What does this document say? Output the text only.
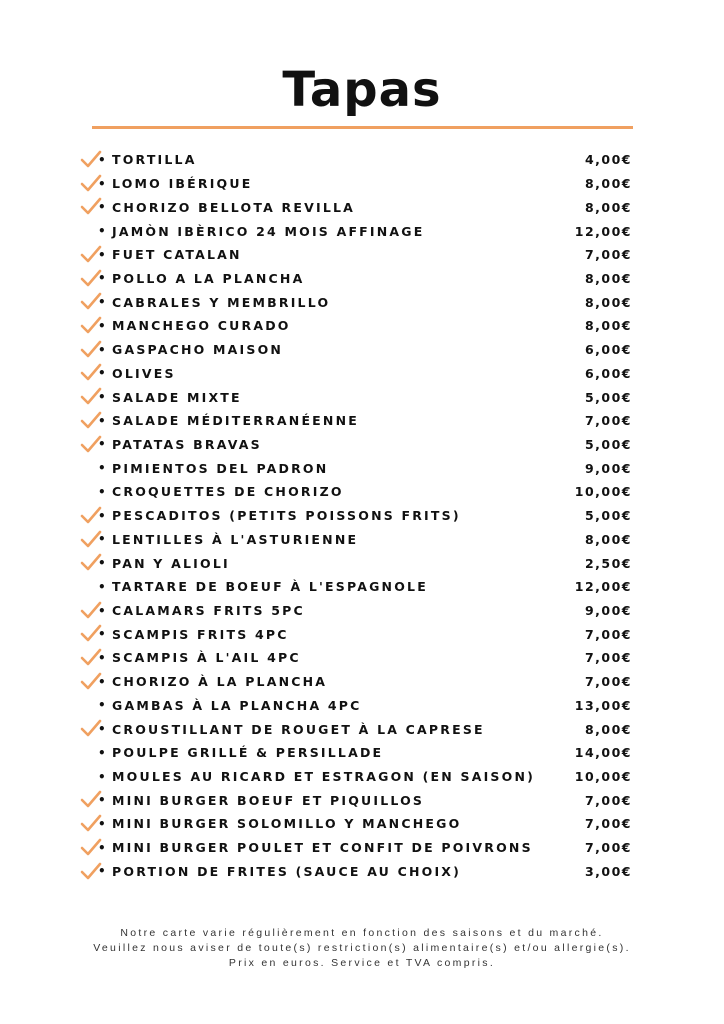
Tapas
• TORTILLA	4,00€
• LOMO IBÉRIQUE	8,00€
• CHORIZO BELLOTA REVILLA	8,00€
• JAMÒN IBÈRICO 24 MOIS AFFINAGE	12,00€
• FUET CATALAN	7,00€
• POLLO A LA PLANCHA	8,00€
• CABRALES Y MEMBRILLO	8,00€
• MANCHEGO CURADO	8,00€
• GASPACHO MAISON	6,00€
• OLIVES	6,00€
• SALADE MIXTE	5,00€
• SALADE MÉDITERRANÉENNE	7,00€
• PATATAS BRAVAS	5,00€
• PIMIENTOS DEL PADRON	9,00€
• CROQUETTES DE CHORIZO	10,00€
• PESCADITOS (PETITS POISSONS FRITS)	5,00€
• LENTILLES À L'ASTURIENNE	8,00€
• PAN Y ALIOLI	2,50€
• TARTARE DE BOEUF À L'ESPAGNOLE	12,00€
• CALAMARS FRITS 5PC	9,00€
• SCAMPIS FRITS 4PC	7,00€
• SCAMPIS À L'AIL 4PC	7,00€
• CHORIZO À LA PLANCHA	7,00€
• GAMBAS À LA PLANCHA 4PC	13,00€
• CROUSTILLANT DE ROUGET À LA CAPRESE	8,00€
• POULPE GRILLÉ & PERSILLADE	14,00€
• MOULES AU RICARD ET ESTRAGON (EN SAISON)	10,00€
• MINI BURGER BOEUF ET PIQUILLOS	7,00€
• MINI BURGER SOLOMILLO Y MANCHEGO	7,00€
• MINI BURGER POULET ET CONFIT DE POIVRONS	7,00€
• PORTION DE FRITES (SAUCE AU CHOIX)	3,00€
Notre carte varie régulièrement en fonction des saisons et du marché.
Veuillez nous aviser de toute(s) restriction(s) alimentaire(s) et/ou allergie(s).
Prix en euros. Service et TVA compris.
